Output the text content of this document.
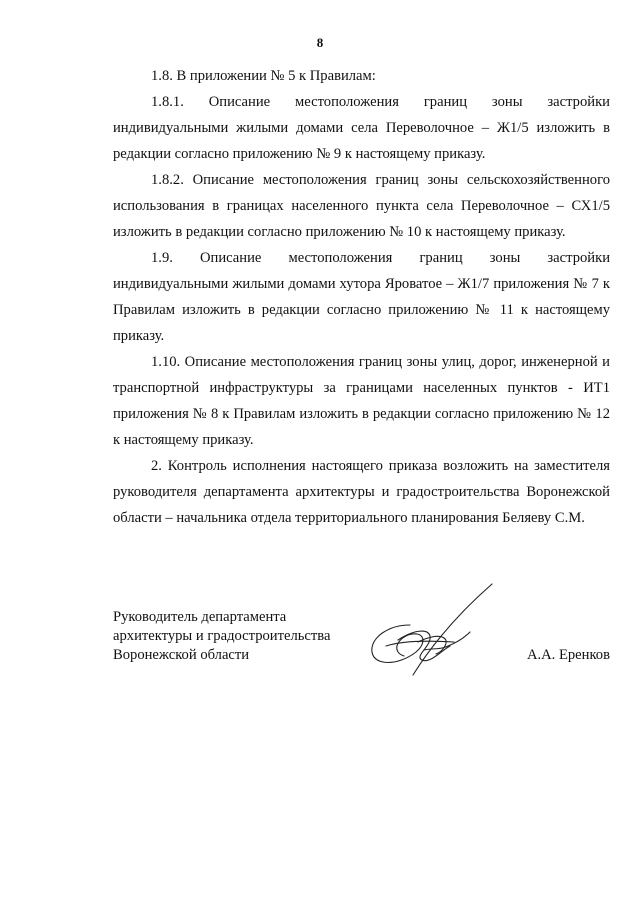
8

1.8. В приложении № 5 к Правилам:

1.8.1. Описание местоположения границ зоны застройки индивидуальными жилыми домами села Переволочное – Ж1/5 изложить в редакции согласно приложению № 9 к настоящему приказу.

1.8.2. Описание местоположения границ зоны сельскохозяйственного использования в границах населенного пункта села Переволочное – СХ1/5 изложить в редакции согласно приложению № 10 к настоящему приказу.

1.9. Описание местоположения границ зоны застройки индивидуальными жилыми домами хутора Яроватое – Ж1/7 приложения № 7 к Правилам изложить в редакции согласно приложению № 11 к настоящему приказу.

1.10. Описание местоположения границ зоны улиц, дорог, инженерной и транспортной инфраструктуры за границами населенных пунктов - ИТ1 приложения № 8 к Правилам изложить в редакции согласно приложению № 12 к настоящему приказу.

2. Контроль исполнения настоящего приказа возложить на заместителя руководителя департамента архитектуры и градостроительства Воронежской области – начальника отдела территориального планирования Беляеву С.М.

Руководитель департамента
архитектуры и градостроительства
Воронежской области	А.А. Еренков
